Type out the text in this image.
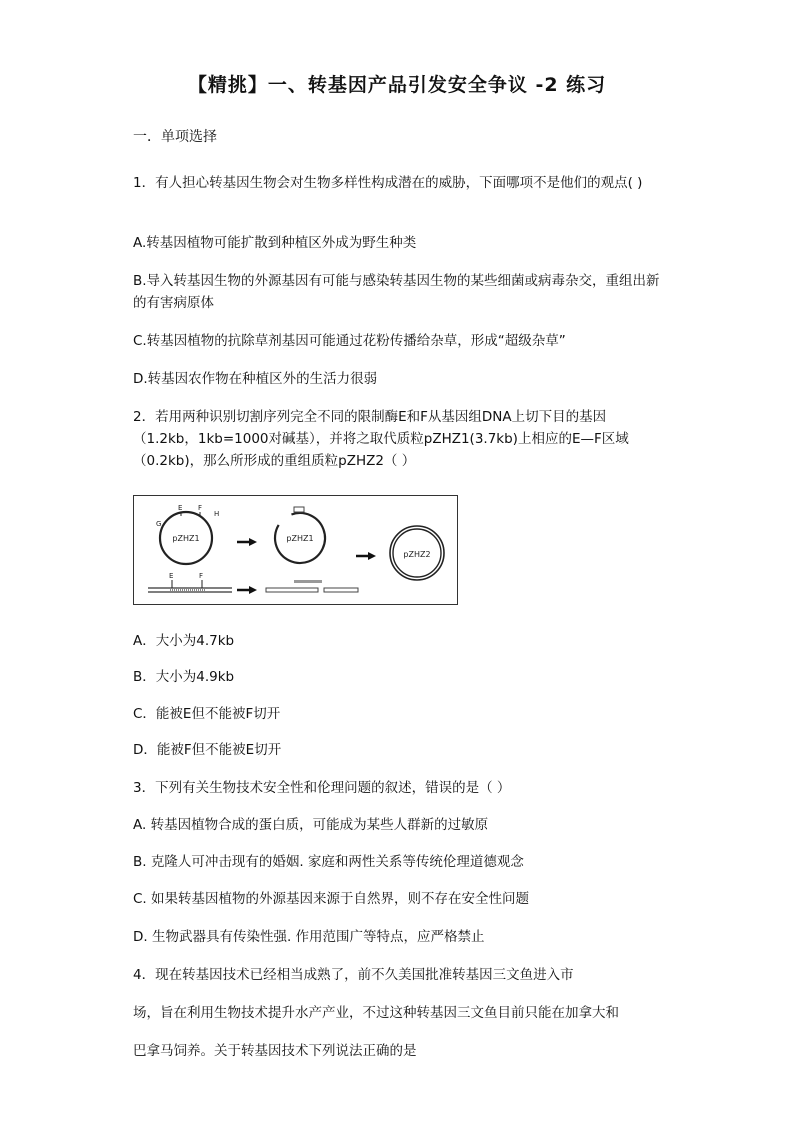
【精挑】一、转基因产品引发安全争议 -2 练习
一．单项选择

1．有人担心转基因生物会对生物多样性构成潜在的威胁，下面哪项不是他们的观点( )

A.转基因植物可能扩散到种植区外成为野生种类

B.导入转基因生物的外源基因有可能与感染转基因生物的某些细菌或病毒杂交，重组出新的有害病原体

C.转基因植物的抗除草剂基因可能通过花粉传播给杂草，形成“超级杂草”

D.转基因农作物在种植区外的生活力很弱

2．若用两种识别切割序列完全不同的限制酶E和F从基因组DNA上切下目的基因（1.2kb，1kb=1000对碱基），并将之取代质粒pZHZ1(3.7kb)上相应的E—F区域（0.2kb)，那么所形成的重组质粒pZHZ2（ ）

pZHZ1
E F
G
H
pZHZ1
pZHZ2
E	F

A．大小为4.7kb

B．大小为4.9kb

C．能被E但不能被F切开

D．能被F但不能被E切开

3．下列有关生物技术安全性和伦理问题的叙述，错误的是（ ）

A. 转基因植物合成的蛋白质，可能成为某些人群新的过敏原

B. 克隆人可冲击现有的婚姻. 家庭和两性关系等传统伦理道德观念

C. 如果转基因植物的外源基因来源于自然界，则不存在安全性问题

D. 生物武器具有传染性强. 作用范围广等特点，应严格禁止

4．现在转基因技术已经相当成熟了，前不久美国批准转基因三文鱼进入市

场，旨在利用生物技术提升水产产业，不过这种转基因三文鱼目前只能在加拿大和

巴拿马饲养。关于转基因技术下列说法正确的是
